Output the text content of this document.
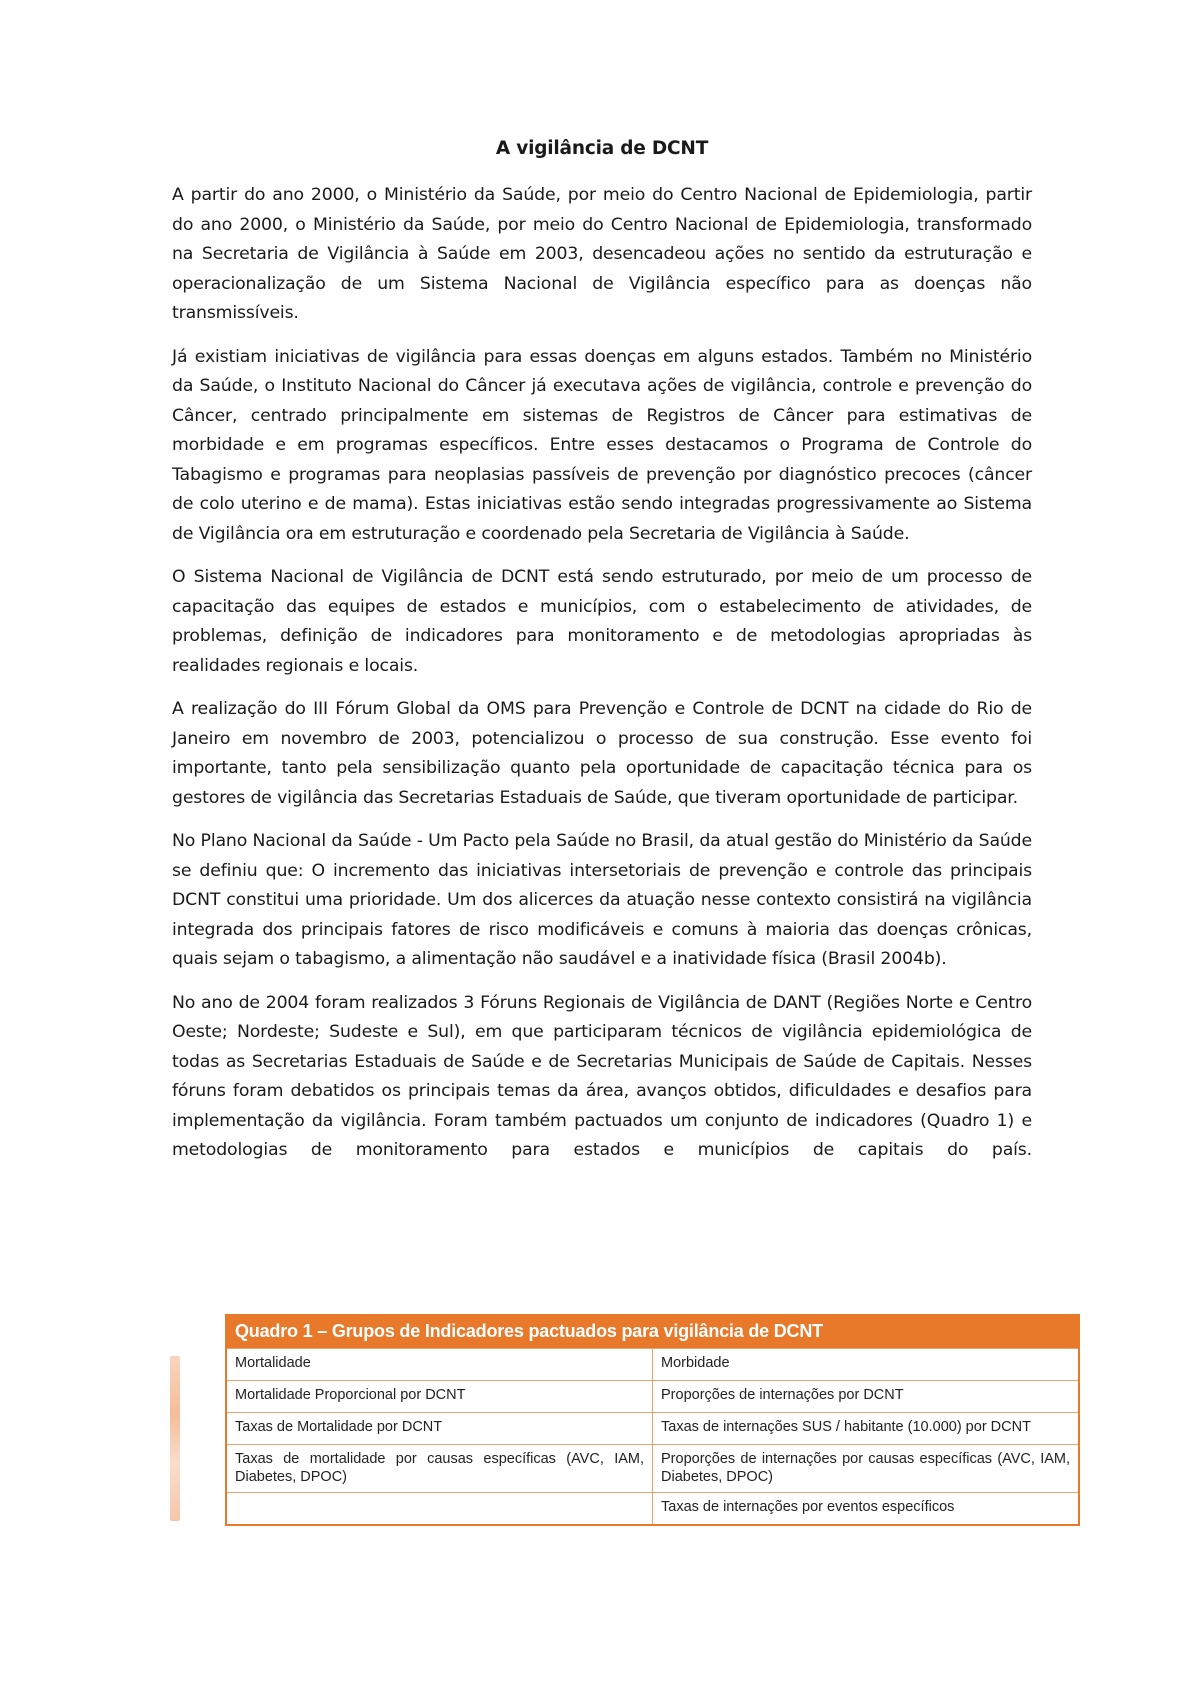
A vigilância de DCNT

A partir do ano 2000, o Ministério da Saúde, por meio do Centro Nacional de Epidemiologia, partir do ano 2000, o Ministério da Saúde, por meio do Centro Nacional de Epidemiologia, transformado na Secretaria de Vigilância à Saúde em 2003, desencadeou ações no sentido da estruturação e operacionalização de um Sistema Nacional de Vigilância específico para as doenças não transmissíveis.

Já existiam iniciativas de vigilância para essas doenças em alguns estados. Também no Ministério da Saúde, o Instituto Nacional do Câncer já executava ações de vigilância, controle e prevenção do Câncer, centrado principalmente em sistemas de Registros de Câncer para estimativas de morbidade e em programas específicos. Entre esses destacamos o Programa de Controle do Tabagismo e programas para neoplasias passíveis de prevenção por diagnóstico precoces (câncer de colo uterino e de mama). Estas iniciativas estão sendo integradas progressivamente ao Sistema de Vigilância ora em estruturação e coordenado pela Secretaria de Vigilância à Saúde.

O Sistema Nacional de Vigilância de DCNT está sendo estruturado, por meio de um processo de capacitação das equipes de estados e municípios, com o estabelecimento de atividades, de problemas, definição de indicadores para monitoramento e de metodologias apropriadas às realidades regionais e locais.

A realização do III Fórum Global da OMS para Prevenção e Controle de DCNT na cidade do Rio de Janeiro em novembro de 2003, potencializou o processo de sua construção. Esse evento foi importante, tanto pela sensibilização quanto pela oportunidade de capacitação técnica para os gestores de vigilância das Secretarias Estaduais de Saúde, que tiveram oportunidade de participar.

No Plano Nacional da Saúde - Um Pacto pela Saúde no Brasil, da atual gestão do Ministério da Saúde se definiu que: O incremento das iniciativas intersetoriais de prevenção e controle das principais DCNT constitui uma prioridade. Um dos alicerces da atuação nesse contexto consistirá na vigilância integrada dos principais fatores de risco modificáveis e comuns à maioria das doenças crônicas, quais sejam o tabagismo, a alimentação não saudável e a inatividade física (Brasil 2004b).

No ano de 2004 foram realizados 3 Fóruns Regionais de Vigilância de DANT (Regiões Norte e Centro Oeste; Nordeste; Sudeste e Sul), em que participaram técnicos de vigilância epidemiológica de todas as Secretarias Estaduais de Saúde e de Secretarias Municipais de Saúde de Capitais. Nesses fóruns foram debatidos os principais temas da área, avanços obtidos, dificuldades e desafios para implementação da vigilância. Foram também pactuados um conjunto de indicadores (Quadro 1) e metodologias de monitoramento para estados e municípios de capitais do país.

Quadro 1 – Grupos de Indicadores pactuados para vigilância de DCNT
Mortalidade	Morbidade
Mortalidade Proporcional por DCNT	Proporções de internações por DCNT
Taxas de Mortalidade por DCNT	Taxas de internações SUS / habitante (10.000) por DCNT
Taxas de mortalidade por causas específicas (AVC, IAM, Diabetes, DPOC)	Proporções de internações por causas específicas (AVC, IAM, Diabetes, DPOC)
	Taxas de internações por eventos específicos
